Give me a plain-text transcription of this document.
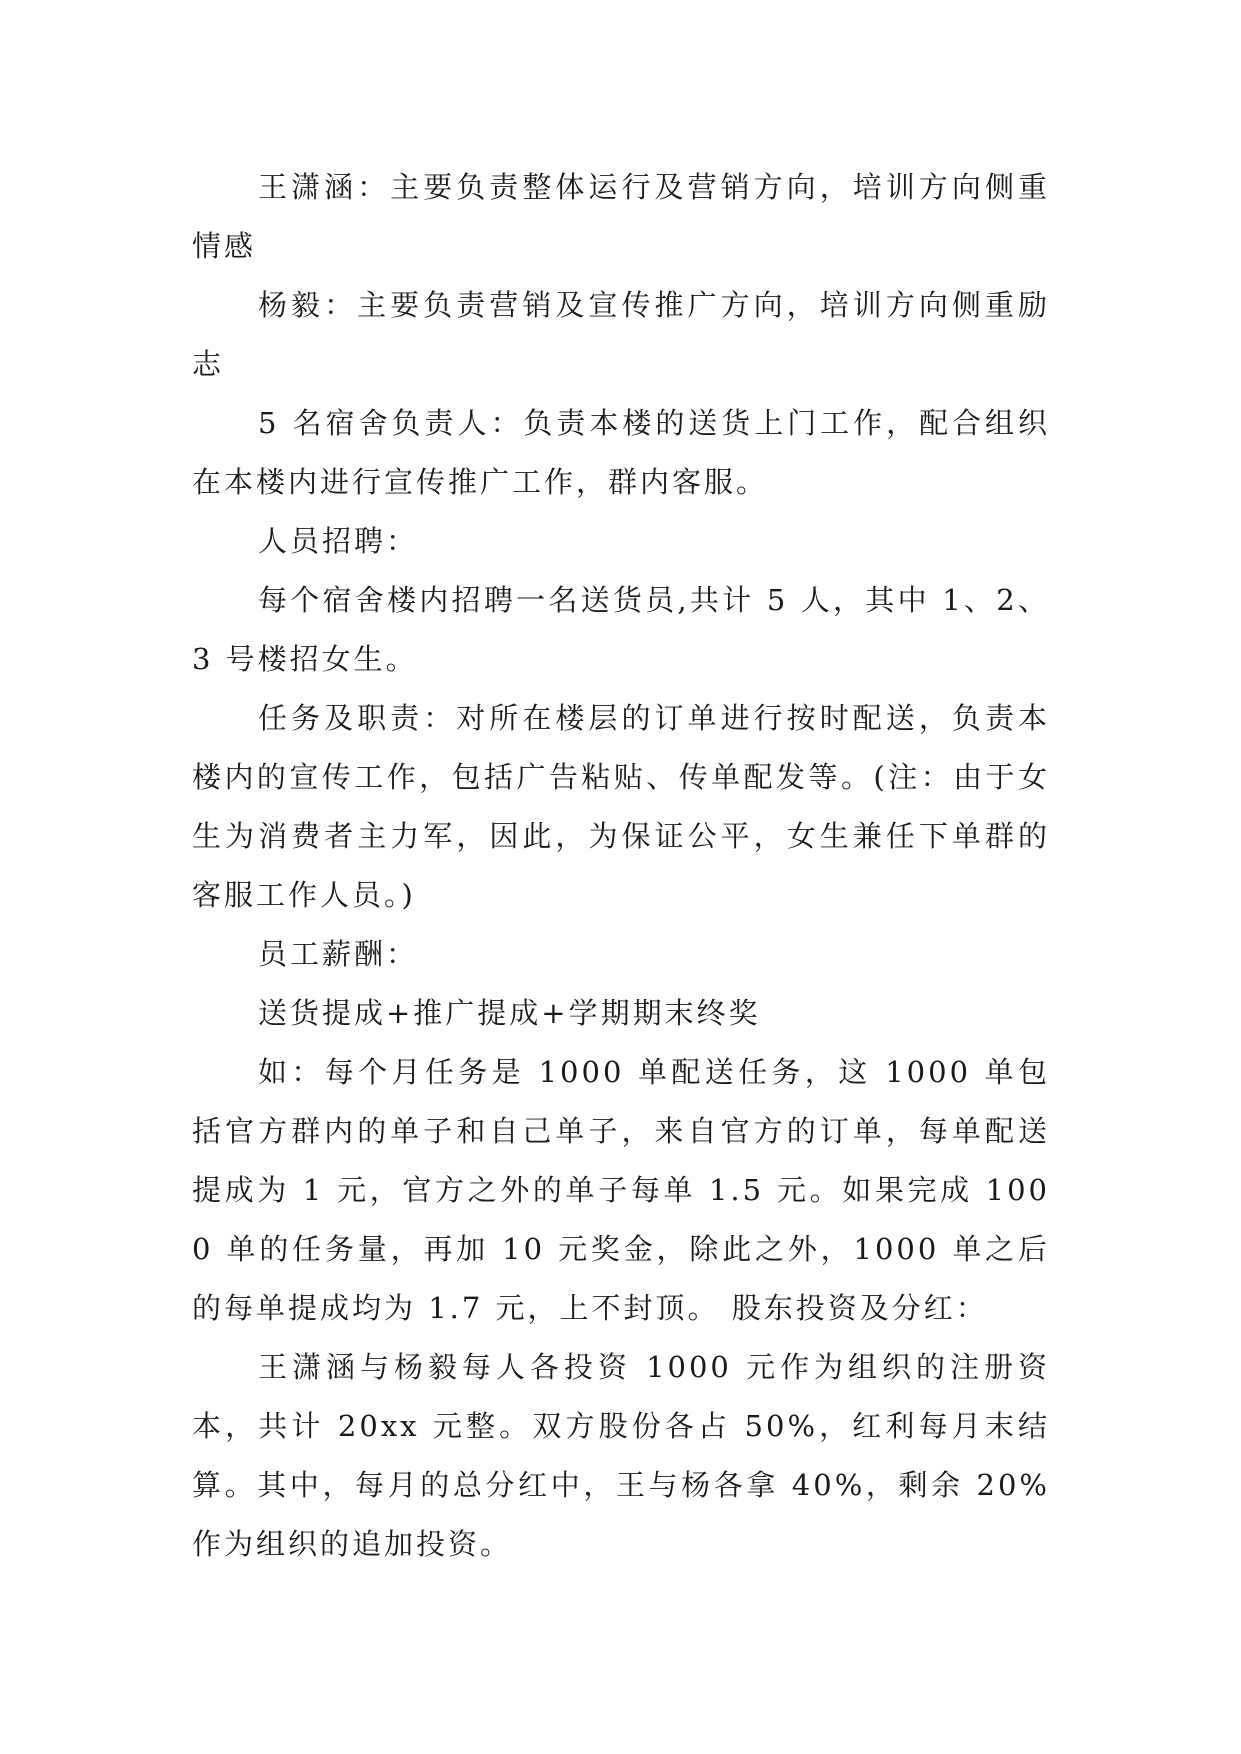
王潇涵：主要负责整体运行及营销方向，培训方向侧重情感

杨毅：主要负责营销及宣传推广方向，培训方向侧重励志

5 名宿舍负责人：负责本楼的送货上门工作，配合组织在本楼内进行宣传推广工作，群内客服。

人员招聘：

每个宿舍楼内招聘一名送货员,共计 5 人，其中 1、2、3 号楼招女生。

任务及职责：对所在楼层的订单进行按时配送，负责本楼内的宣传工作，包括广告粘贴、传单配发等。(注：由于女生为消费者主力军，因此，为保证公平，女生兼任下单群的客服工作人员。)

员工薪酬：

送货提成+推广提成+学期期末终奖

如：每个月任务是 1000 单配送任务，这 1000 单包括官方群内的单子和自己单子，来自官方的订单，每单配送提成为 1 元，官方之外的单子每单 1.5 元。如果完成 1000 单的任务量，再加 10 元奖金，除此之外，1000 单之后的每单提成均为 1.7 元，上不封顶。 股东投资及分红：

王潇涵与杨毅每人各投资 1000 元作为组织的注册资本，共计 20xx 元整。双方股份各占 50%，红利每月末结算。其中，每月的总分红中，王与杨各拿 40%，剩余 20%作为组织的追加投资。
